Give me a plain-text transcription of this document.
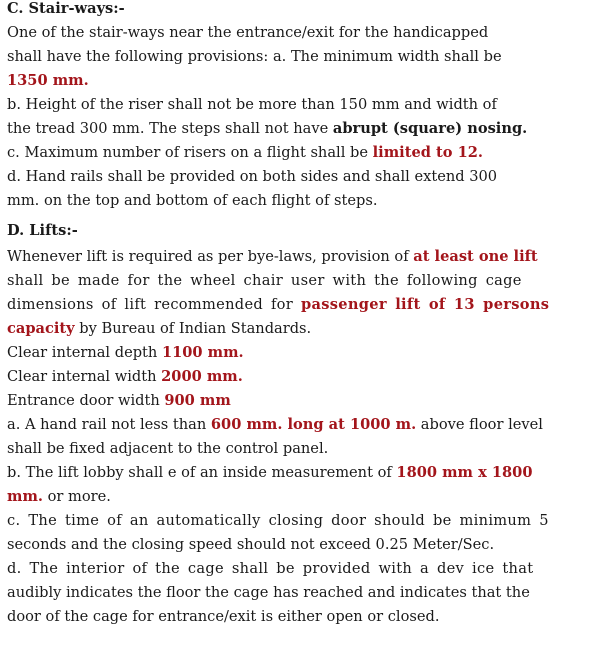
C. Stair-ways:-
One of the stair-ways near the entrance/exit for the handicapped
shall have the following provisions: a. The minimum width shall be
1350 mm.
b. Height of the riser shall not be more than 150 mm and width of
the tread 300 mm. The steps shall not have abrupt (square) nosing.
c. Maximum number of risers on a flight shall be limited to 12.
d. Hand rails shall be provided on both sides and shall extend 300
mm. on the top and bottom of each flight of steps.
D. Lifts:-
Whenever lift is required as per bye-laws, provision of at least one lift
shall be made for the wheel chair user with the following cage
dimensions of lift recommended for passenger lift of 13 persons
capacity by Bureau of Indian Standards.
Clear internal depth 1100 mm.
Clear internal width 2000 mm.
Entrance door width 900 mm
a. A hand rail not less than 600 mm. long at 1000 m. above floor level
shall be fixed adjacent to the control panel.
b. The lift lobby shall e of an inside measurement of 1800 mm x 1800
mm. or more.
c. The time of an automatically closing door should be minimum 5
seconds and the closing speed should not exceed 0.25 Meter/Sec.
d. The interior of the cage shall be provided with a dev ice that
audibly indicates the floor the cage has reached and indicates that the
door of the cage for entrance/exit is either open or closed.
